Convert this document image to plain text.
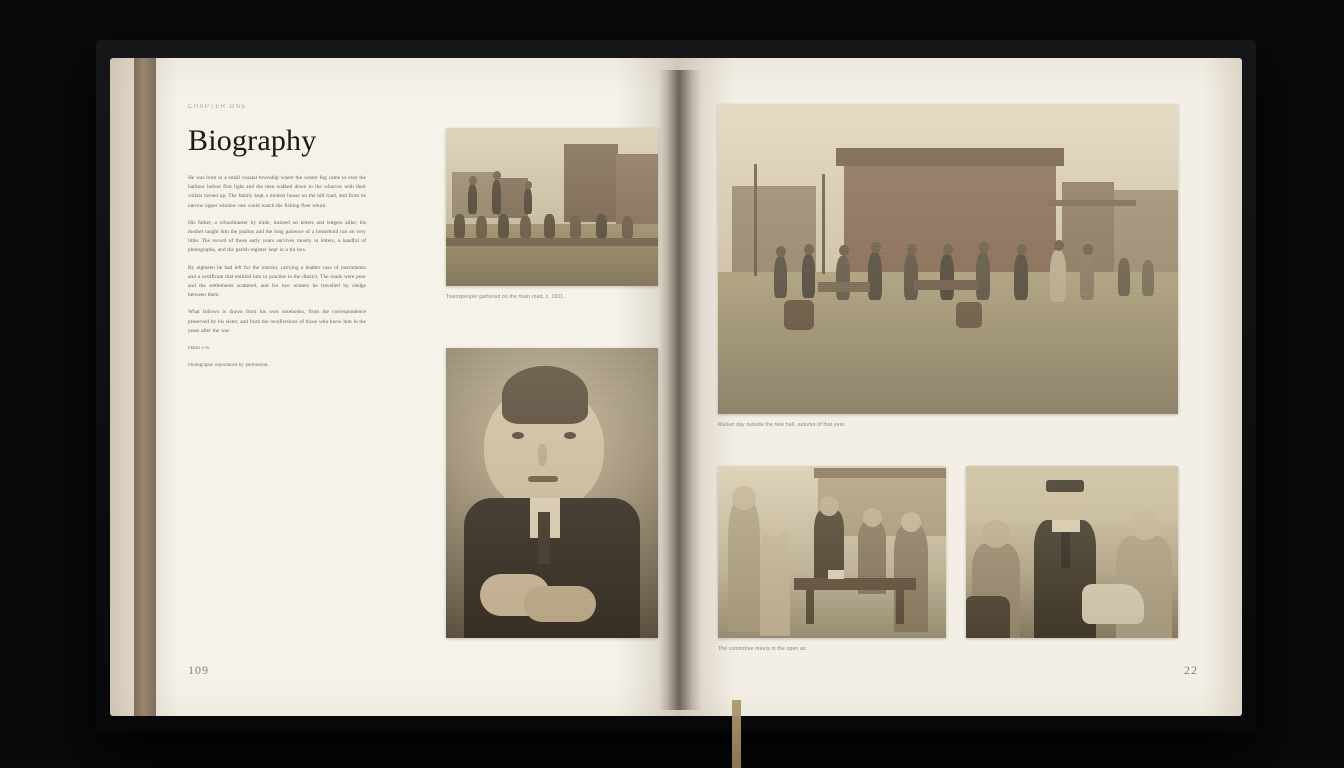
CHAPTER ONE
Biography

He was born in a small coastal township where the winter fog came in over the harbour before first light and the men walked down to the wharves with their collars turned up. The family kept a modest house on the hill road, and from its narrow upper window one could watch the fishing fleet return.

His father, a schoolmaster by trade, insisted on letters and ledgers alike; his mother taught him the psalms and the long patience of a household run on very little. The record of those early years survives mostly in letters, a handful of photographs, and the parish register kept in a tin box.

By eighteen he had left for the interior, carrying a leather case of instruments and a certificate that entitled him to practise in the district. The roads were poor and the settlements scattered, and for two winters he travelled by sledge between them.

What follows is drawn from his own notebooks, from the correspondence preserved by his sister, and from the recollections of those who knew him in the years after the war.

Plates i–iv.

Photographs reproduced by permission.

Townspeople gathered on the main road, c. 1911.
109
Market day outside the new hall, autumn of that year.
The committee meets in the open air.
22
